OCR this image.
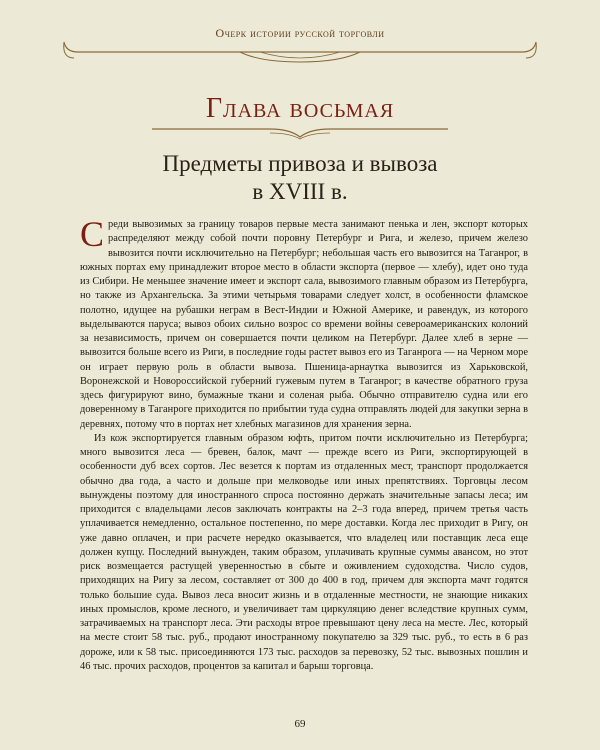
Очерк истории русской торговли
Глава восьмая
Предметы привоза и вывоза
в XVIII в.

Среди вывозимых за границу товаров первые места занимают пенька и лен, экспорт которых распределяют между собой почти поровну Петербург и Рига, и железо, причем железо вывозится почти исключительно на Петербург; небольшая часть его вывозится на Таганрог, в южных портах ему принадлежит второе место в области экспорта (первое — хлебу), идет оно туда из Сибири. Не меньшее значение имеет и экспорт сала, вывозимого главным образом из Петербурга, но также из Архангельска. За этими четырьмя товарами следует холст, в особенности фламское полотно, идущее на рубашки неграм в Вест-Индии и Южной Америке, и равендук, из которого выделываются паруса; вывоз обоих сильно возрос со времени войны североамериканских колоний за независимость, причем он совершается почти целиком на Петербург. Далее хлеб в зерне — вывозится больше всего из Риги, в последние годы растет вывоз его из Таганрога — на Черном море он играет первую роль в области вывоза. Пшеница-арнаутка вывозится из Харьковской, Воронежской и Новороссийской губерний гужевым путем в Таганрог; в качестве обратного груза здесь фигурируют вино, бумажные ткани и соленая рыба. Обычно отправителю судна или его доверенному в Таганроге приходится по прибытии туда судна отправлять людей для закупки зерна в деревнях, потому что в портах нет хлебных магазинов для хранения зерна.

Из кож экспортируется главным образом юфть, притом почти исключительно из Петербурга; много вывозится леса — бревен, балок, мачт — прежде всего из Риги, экспортирующей в особенности дуб всех сортов. Лес везется к портам из отдаленных мест, транспорт продолжается обычно два года, а часто и дольше при мелководье или иных препятствиях. Торговцы лесом вынуждены поэтому для иностранного спроса постоянно держать значительные запасы леса; им приходится с владельцами лесов заключать контракты на 2–3 года вперед, причем третья часть уплачивается немедленно, остальное постепенно, по мере доставки. Когда лес приходит в Ригу, он уже давно оплачен, и при расчете нередко оказывается, что владелец или поставщик леса еще должен купцу. Последний вынужден, таким образом, уплачивать крупные суммы авансом, но этот риск возмещается растущей уверенностью в сбыте и оживлением судоходства. Число судов, приходящих на Ригу за лесом, составляет от 300 до 400 в год, причем для экспорта мачт годятся только большие суда. Вывоз леса вносит жизнь и в отдаленные местности, не знающие никаких иных промыслов, кроме лесного, и увеличивает там циркуляцию денег вследствие крупных сумм, затрачиваемых на транспорт леса. Эти расходы втрое превышают цену леса на месте. Лес, который на месте стоит 58 тыс. руб., продают иностранному покупателю за 329 тыс. руб., то есть в 6 раз дороже, или к 58 тыс. присоединяются 173 тыс. расходов за перевозку, 52 тыс. вывозных пошлин и 46 тыс. прочих расходов, процентов за капитал и барыш торговца.

69
